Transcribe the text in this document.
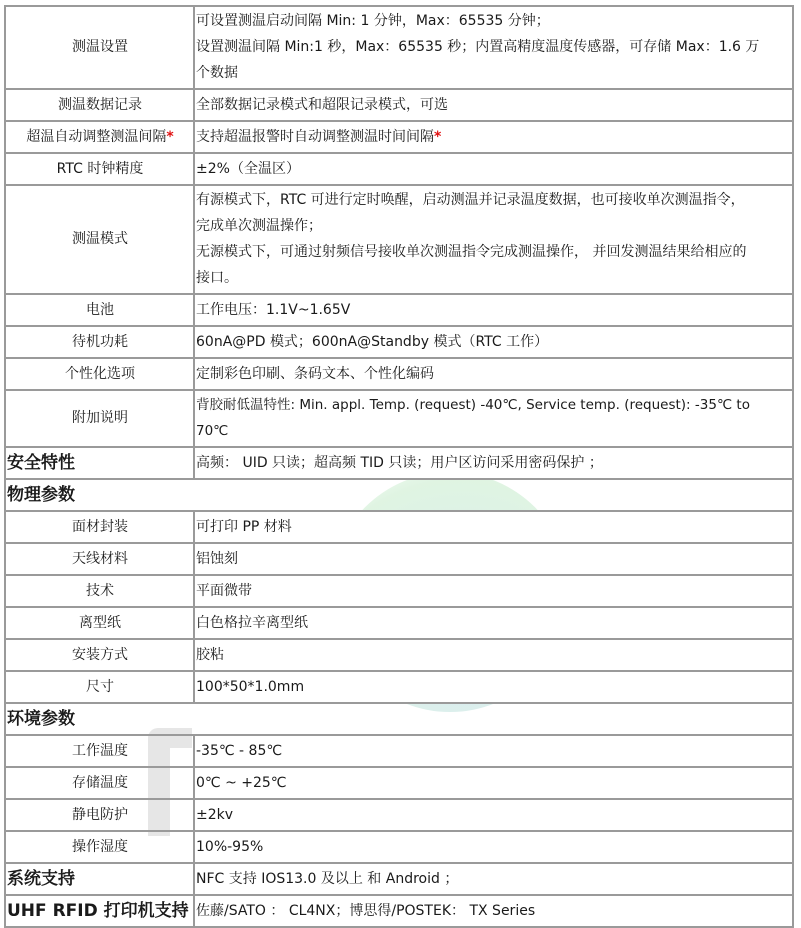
测温设置	可设置测温启动间隔 Min: 1 分钟，Max：65535 分钟；
设置测温间隔 Min:1 秒，Max：65535 秒；内置高精度温度传感器，可存储 Max：1.6 万
个数据

测温数据记录	全部数据记录模式和超限记录模式，可选
超温自动调整测温间隔*	支持超温报警时自动调整测温时间间隔*
RTC 时钟精度	±2%（全温区）
测温模式	有源模式下，RTC 可进行定时唤醒，启动测温并记录温度数据，也可接收单次测温指令，
完成单次测温操作；
无源模式下，可通过射频信号接收单次测温指令完成测温操作， 并回发测温结果给相应的
接口。

电池	工作电压：1.1V~1.65V
待机功耗	60nA@PD 模式；600nA@Standby 模式（RTC 工作）
个性化选项	定制彩色印刷、条码文本、个性化编码
附加说明	背胶耐低温特性: Min. appl. Temp. (request) -40℃, Service temp. (request): -35℃ to
70℃

安全特性	高频： UID 只读；超高频 TID 只读；用户区访问采用密码保护 ；
物理参数	
面材封装	可打印 PP 材料
天线材料	铝蚀刻
技术	平面微带
离型纸	白色格拉辛离型纸
安装方式	胶粘
尺寸	100*50*1.0mm
环境参数	
工作温度	-35℃ - 85℃
存储温度	0℃ ~ +25℃
静电防护	±2kv
操作湿度	10%-95%
系统支持	NFC 支持 IOS13.0 及以上 和 Android ；
UHF RFID 打印机支持	佐藤/SATO ： CL4NX；博思得/POSTEK： TX Series
